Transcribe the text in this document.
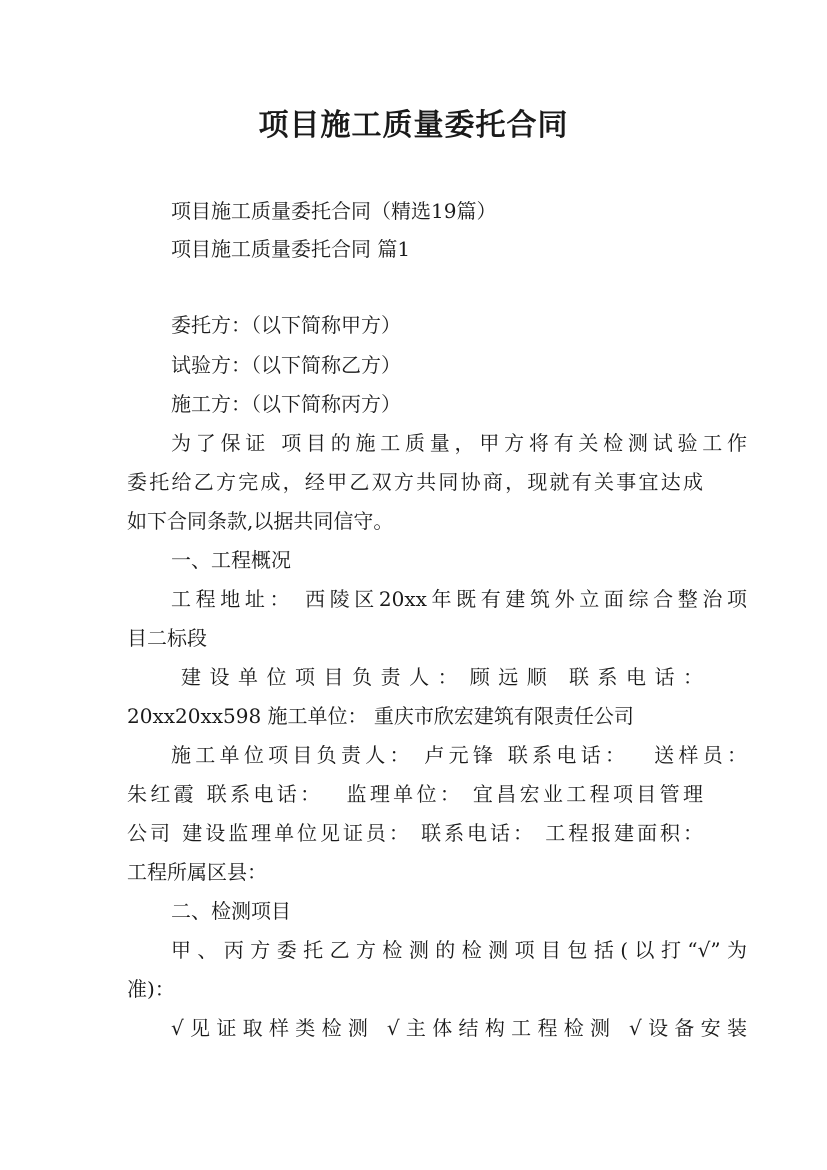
项目施工质量委托合同
项目施工质量委托合同（精选19篇）
项目施工质量委托合同 篇1
委托方：（以下简称甲方）
试验方：（以下简称乙方）
施工方：（以下简称丙方）
为了保证 项目的施工质量，甲方将有关检测试验工作
委托给乙方完成，经甲乙双方共同协商，现就有关事宜达成
如下合同条款,以据共同信守。
一、工程概况
工程地址： 西陵区20xx年既有建筑外立面综合整治项
目二标段
建 设 单 位 项 目 负 责 人 ：　顾 远 顺　联 系 电 话 ：
20xx20xx598 施工单位： 重庆市欣宏建筑有限责任公司
施工单位项目负责人： 卢元锋 联系电话：　 送样员：
朱红霞 联系电话：　 监理单位： 宜昌宏业工程项目管理
公司 建设监理单位见证员： 联系电话： 工程报建面积：
工程所属区县：
二、检测项目
甲、丙方委托乙方检测的检测项目包括(以打“√”为
准)：
√见证取样类检测 √主体结构工程检测 √设备安装
